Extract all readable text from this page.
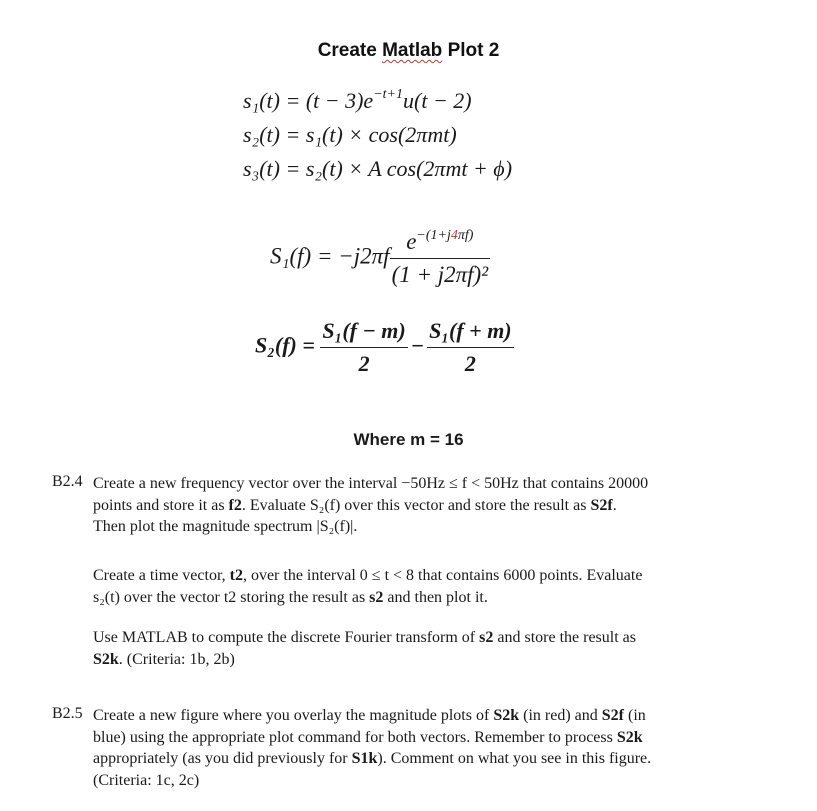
Create Matlab Plot 2
$s_1(t) = (t - 3)e^{-t+1}u(t - 2)$
s₂(t) = s₁(t) × cos(2πmt)
s₃(t) = s₂(t) × A cos(2πmt + ϕ)
$S_1(f) = -j2\pi f \frac{e^{-(1+j4\pi f)}}{\text{(1 + j2πf)²}}$
$S_2(f) = \frac{\text{S₁(f − m)}}{2} - \frac{\text{S₁(f + m)}}{2}$
Where m = 16
B2.4 Create a new frequency vector over the interval −50Hz ≤ f < 50Hz that contains 20000
points and store it as f2. Evaluate S₂(f) over this vector and store the result as S2f.
Then plot the magnitude spectrum |S₂(f)|.
Create a time vector, t2, over the interval 0 ≤ t < 8 that contains 6000 points. Evaluate
s₂(t) over the vector t2 storing the result as s2 and then plot it.
Use MATLAB to compute the discrete Fourier transform of s2 and store the result as
S2k. (Criteria: 1b, 2b)
B2.5 Create a new figure where you overlay the magnitude plots of S2k (in red) and S2f (in
blue) using the appropriate plot command for both vectors. Remember to process S2k
appropriately (as you did previously for S1k). Comment on what you see in this figure.
(Criteria: 1c, 2c)
